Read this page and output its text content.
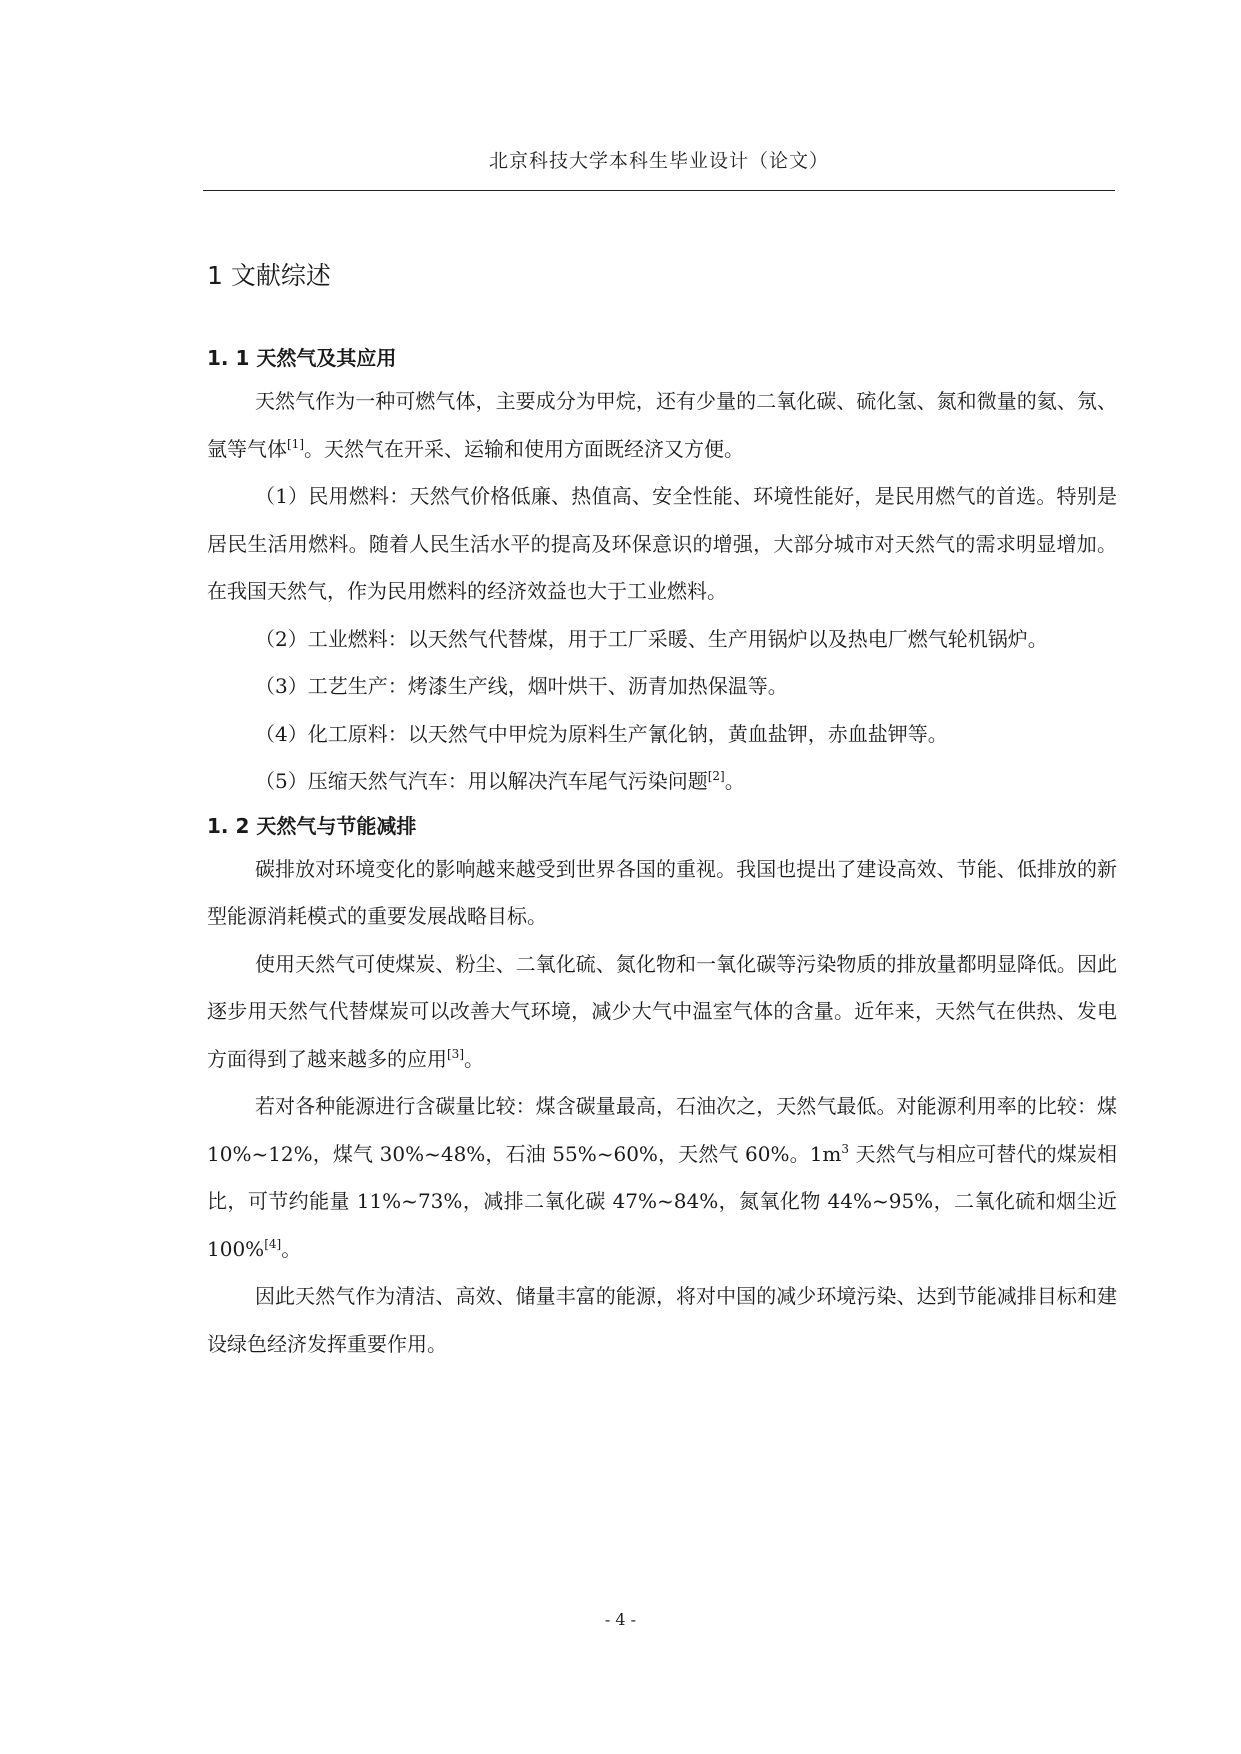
北京科技大学本科生毕业设计（论文）
1 文献综述
1. 1 天然气及其应用

天然气作为一种可燃气体，主要成分为甲烷，还有少量的二氧化碳、硫化氢、氮和微量的氦、氖、氩等气体[1]。天然气在开采、运输和使用方面既经济又方便。

（1）民用燃料：天然气价格低廉、热值高、安全性能、环境性能好，是民用燃气的首选。特别是居民生活用燃料。随着人民生活水平的提高及环保意识的增强，大部分城市对天然气的需求明显增加。在我国天然气，作为民用燃料的经济效益也大于工业燃料。

（2）工业燃料：以天然气代替煤，用于工厂采暖、生产用锅炉以及热电厂燃气轮机锅炉。

（3）工艺生产：烤漆生产线，烟叶烘干、沥青加热保温等。

（4）化工原料：以天然气中甲烷为原料生产氰化钠，黄血盐钾，赤血盐钾等。

（5）压缩天然气汽车：用以解决汽车尾气污染问题[2]。

1. 2 天然气与节能减排

碳排放对环境变化的影响越来越受到世界各国的重视。我国也提出了建设高效、节能、低排放的新型能源消耗模式的重要发展战略目标。

使用天然气可使煤炭、粉尘、二氧化硫、氮化物和一氧化碳等污染物质的排放量都明显降低。因此逐步用天然气代替煤炭可以改善大气环境，减少大气中温室气体的含量。近年来，天然气在供热、发电方面得到了越来越多的应用[3]。

若对各种能源进行含碳量比较：煤含碳量最高，石油次之，天然气最低。对能源利用率的比较：煤 10%~12%，煤气 30%~48%，石油 55%~60%，天然气 60%。$1m^3$ 天然气与相应可替代的煤炭相比，可节约能量 11%~73%，减排二氧化碳 47%~84%，氮氧化物 44%~95%，二氧化硫和烟尘近 100%[4]。

因此天然气作为清洁、高效、储量丰富的能源，将对中国的减少环境污染、达到节能减排目标和建设绿色经济发挥重要作用。

- 4 -
